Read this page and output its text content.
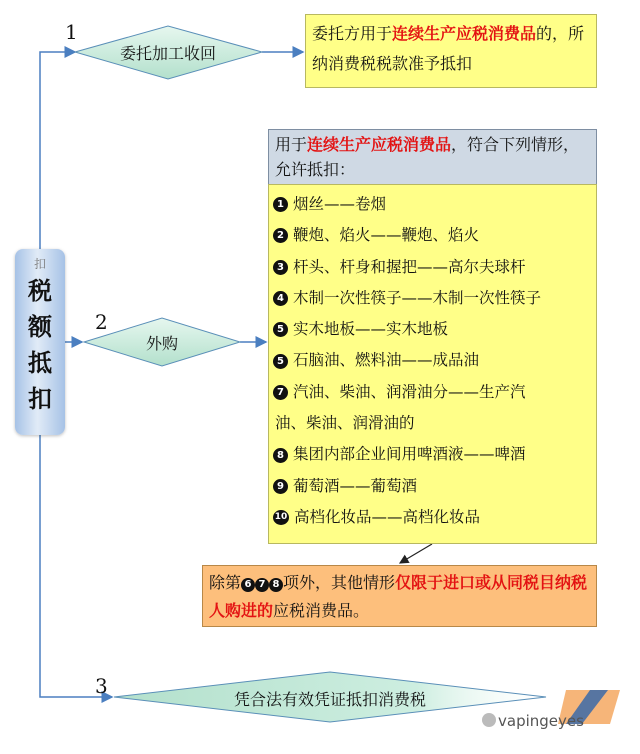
1
2
3
委托加工收回
外购
凭合法有效凭证抵扣消费税
扣
税
额
抵
扣
委托方用于连续生产应税消费品的，所纳消费税税款准予抵扣
用于连续生产应税消费品，符合下列情形，允许抵扣：
1 烟丝——卷烟
2 鞭炮、焰火——鞭炮、焰火
3 杆头、杆身和握把——高尔夫球杆
4 木制一次性筷子——木制一次性筷子
5 实木地板——实木地板
5 石脑油、燃料油——成品油
7 汽油、柴油、润滑油分——生产汽
油、柴油、润滑油的
8 集团内部企业间用啤酒液——啤酒
9 葡萄酒——葡萄酒
10 高档化妆品——高档化妆品
除第 6 7 8 项外，其他情形仅限于进口或从同税目纳税人购进的应税消费品。
vapingeyes
